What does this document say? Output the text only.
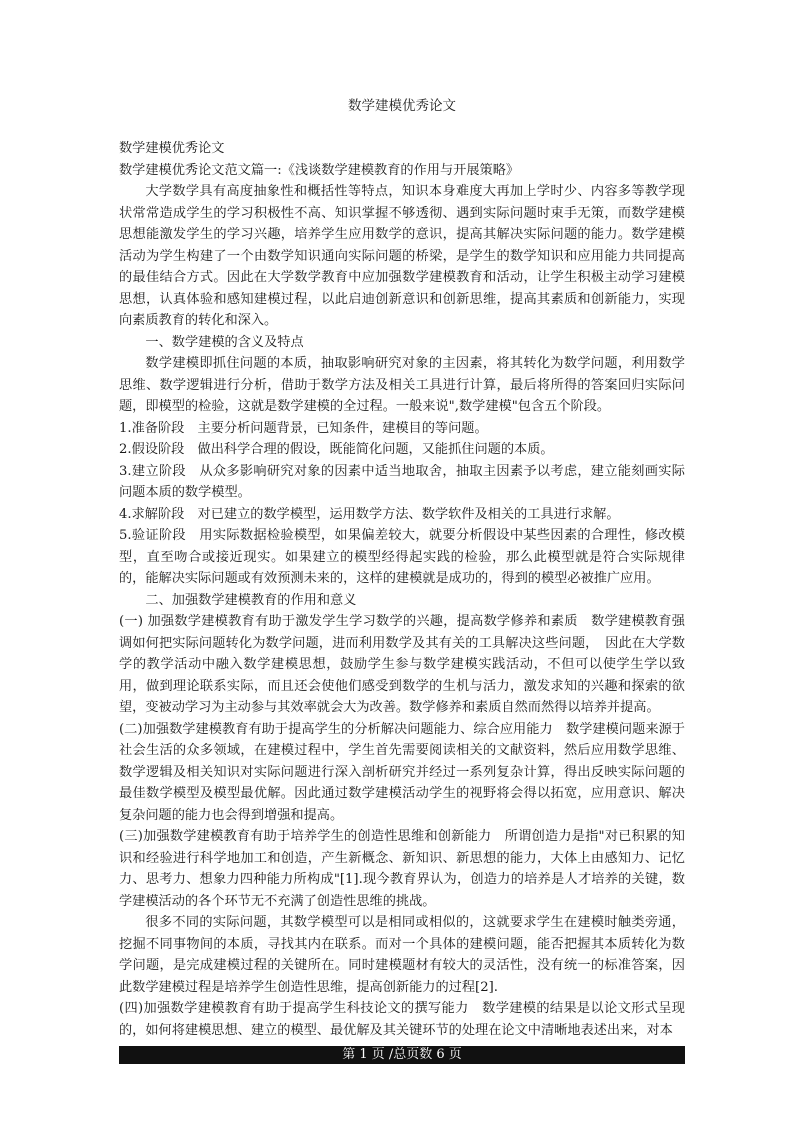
数学建模优秀论文

数学建模优秀论文

数学建模优秀论文范文篇一:《浅谈数学建模教育的作用与开展策略》

大学数学具有高度抽象性和概括性等特点，知识本身难度大再加上学时少、内容多等教学现状常常造成学生的学习积极性不高、知识掌握不够透彻、遇到实际问题时束手无策，而数学建模思想能激发学生的学习兴趣，培养学生应用数学的意识，提高其解决实际问题的能力。数学建模活动为学生构建了一个由数学知识通向实际问题的桥梁，是学生的数学知识和应用能力共同提高的最佳结合方式。因此在大学数学教育中应加强数学建模教育和活动，让学生积极主动学习建模思想，认真体验和感知建模过程，以此启迪创新意识和创新思维，提高其素质和创新能力，实现向素质教育的转化和深入。

一、数学建模的含义及特点

数学建模即抓住问题的本质，抽取影响研究对象的主因素，将其转化为数学问题，利用数学思维、数学逻辑进行分析，借助于数学方法及相关工具进行计算，最后将所得的答案回归实际问题，即模型的检验，这就是数学建模的全过程。一般来说",数学建模"包含五个阶段。

1.准备阶段　主要分析问题背景，已知条件，建模目的等问题。

2.假设阶段　做出科学合理的假设，既能简化问题，又能抓住问题的本质。

3.建立阶段　从众多影响研究对象的因素中适当地取舍，抽取主因素予以考虑，建立能刻画实际问题本质的数学模型。

4.求解阶段　对已建立的数学模型，运用数学方法、数学软件及相关的工具进行求解。

5.验证阶段　用实际数据检验模型，如果偏差较大，就要分析假设中某些因素的合理性，修改模型，直至吻合或接近现实。如果建立的模型经得起实践的检验，那么此模型就是符合实际规律的，能解决实际问题或有效预测未来的，这样的建模就是成功的，得到的模型必被推广应用。

二、加强数学建模教育的作用和意义

(一) 加强数学建模教育有助于激发学生学习数学的兴趣，提高数学修养和素质　数学建模教育强调如何把实际问题转化为数学问题，进而利用数学及其有关的工具解决这些问题，　因此在大学数学的教学活动中融入数学建模思想，鼓励学生参与数学建模实践活动，不但可以使学生学以致用，做到理论联系实际，而且还会使他们感受到数学的生机与活力，激发求知的兴趣和探索的欲望，变被动学习为主动参与其效率就会大为改善。数学修养和素质自然而然得以培养并提高。

(二)加强数学建模教育有助于提高学生的分析解决问题能力、综合应用能力　数学建模问题来源于社会生活的众多领域，在建模过程中，学生首先需要阅读相关的文献资料，然后应用数学思维、数学逻辑及相关知识对实际问题进行深入剖析研究并经过一系列复杂计算，得出反映实际问题的最佳数学模型及模型最优解。因此通过数学建模活动学生的视野将会得以拓宽，应用意识、解决复杂问题的能力也会得到增强和提高。

(三)加强数学建模教育有助于培养学生的创造性思维和创新能力　所谓创造力是指"对已积累的知识和经验进行科学地加工和创造，产生新概念、新知识、新思想的能力，大体上由感知力、记忆力、思考力、想象力四种能力所构成"[1].现今教育界认为，创造力的培养是人才培养的关键，数学建模活动的各个环节无不充满了创造性思维的挑战。

很多不同的实际问题，其数学模型可以是相同或相似的，这就要求学生在建模时触类旁通，挖掘不同事物间的本质，寻找其内在联系。而对一个具体的建模问题，能否把握其本质转化为数学问题，是完成建模过程的关键所在。同时建模题材有较大的灵活性，没有统一的标准答案，因此数学建模过程是培养学生创造性思维，提高创新能力的过程[2].

(四)加强数学建模教育有助于提高学生科技论文的撰写能力　数学建模的结果是以论文形式呈现的，如何将建模思想、建立的模型、最优解及其关键环节的处理在论文中清晰地表述出来，对本

第 1 页 /总页数 6 页
